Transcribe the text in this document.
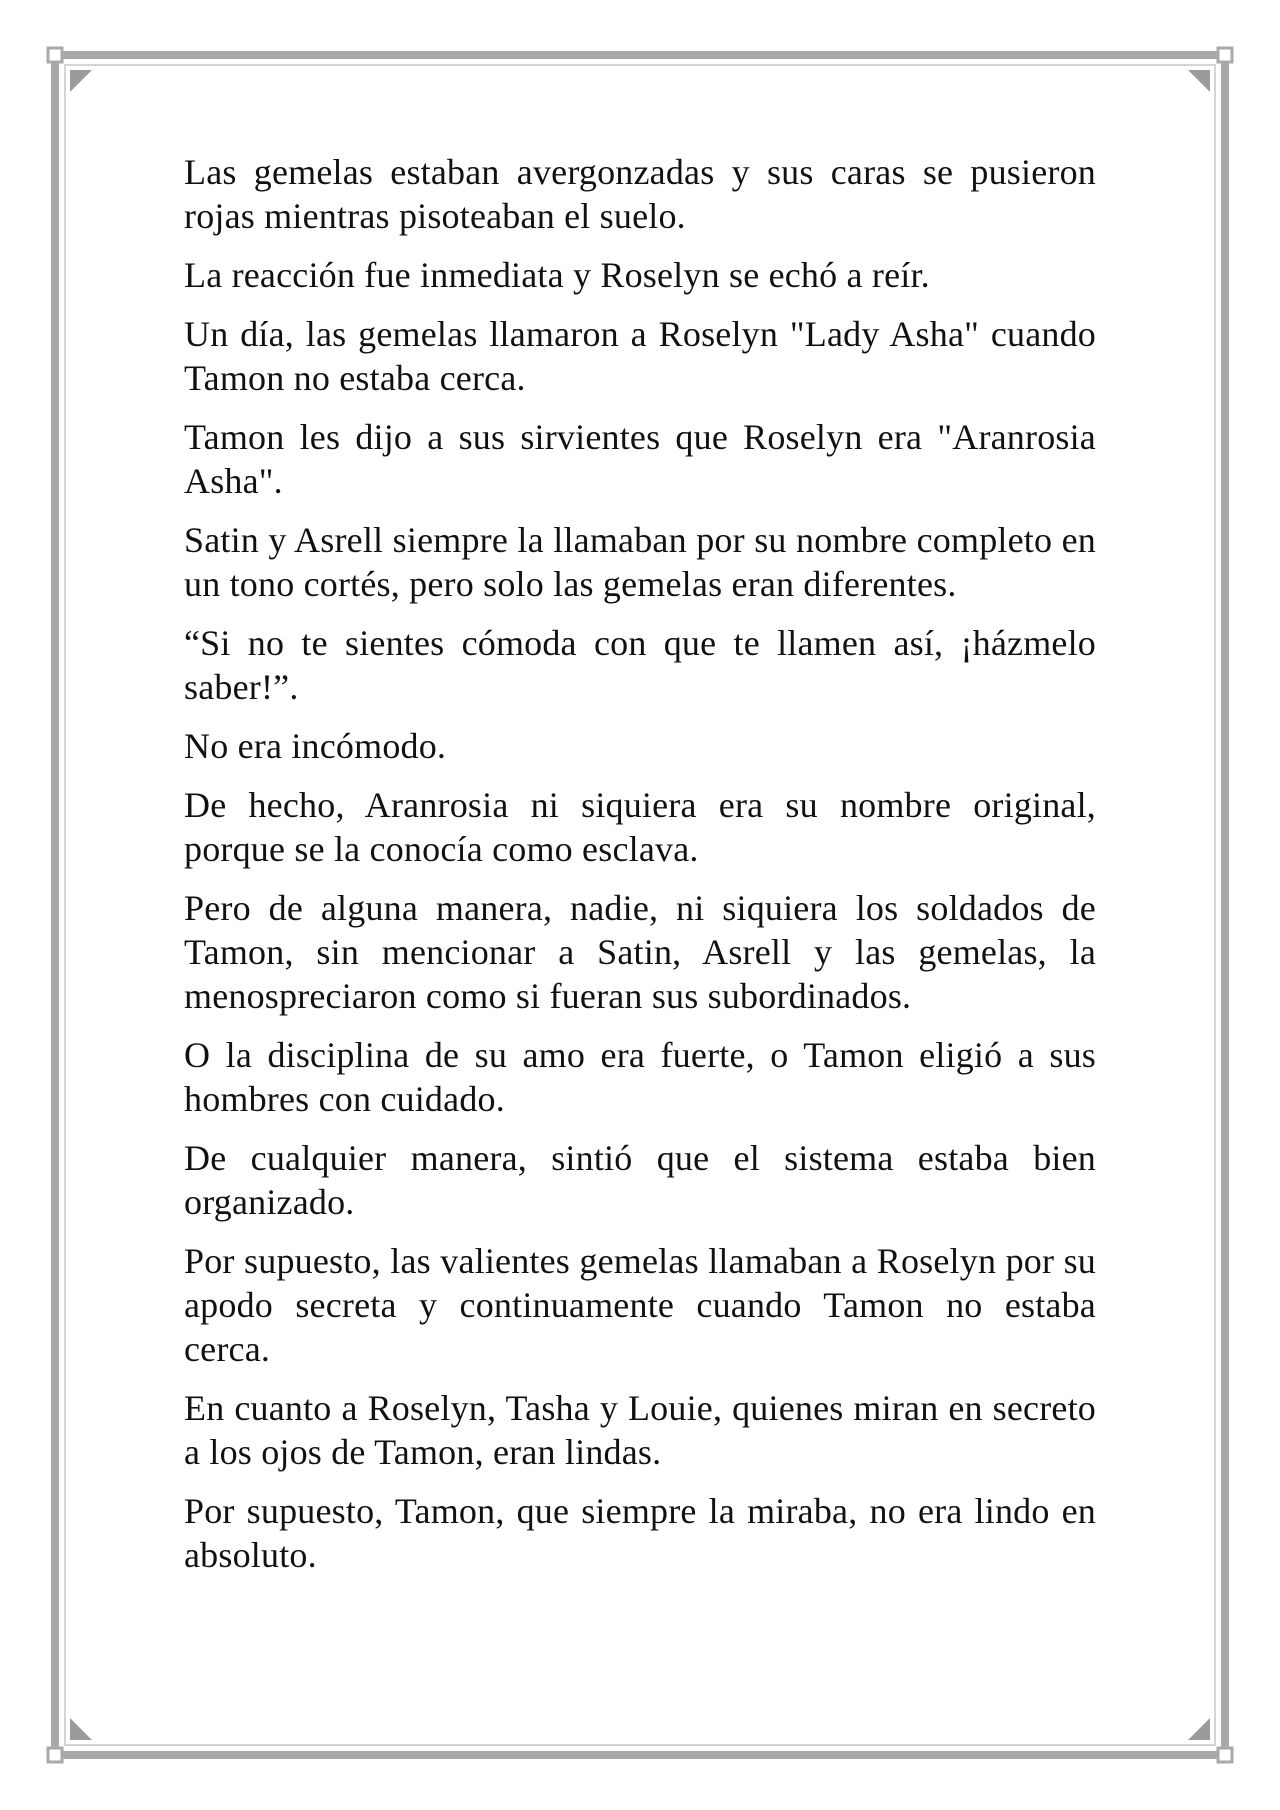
Las gemelas estaban avergonzadas y sus caras se pusieron rojas mientras pisoteaban el suelo.

La reacción fue inmediata y Roselyn se echó a reír.

Un día, las gemelas llamaron a Roselyn "Lady Asha" cuando Tamon no estaba cerca.

Tamon les dijo a sus sirvientes que Roselyn era "Aranrosia Asha".

Satin y Asrell siempre la llamaban por su nombre completo en un tono cortés, pero solo las gemelas eran diferentes.

“Si no te sientes cómoda con que te llamen así, ¡házmelo saber!”.

No era incómodo.

De hecho, Aranrosia ni siquiera era su nombre original, porque se la conocía como esclava.

Pero de alguna manera, nadie, ni siquiera los soldados de Tamon, sin mencionar a Satin, Asrell y las gemelas, la menospreciaron como si fueran sus subordinados.

O la disciplina de su amo era fuerte, o Tamon eligió a sus hombres con cuidado.

De cualquier manera, sintió que el sistema estaba bien organizado.

Por supuesto, las valientes gemelas llamaban a Roselyn por su apodo secreta y continuamente cuando Tamon no estaba cerca.

En cuanto a Roselyn, Tasha y Louie, quienes miran en secreto a los ojos de Tamon, eran lindas.

Por supuesto, Tamon, que siempre la miraba, no era lindo en absoluto.
